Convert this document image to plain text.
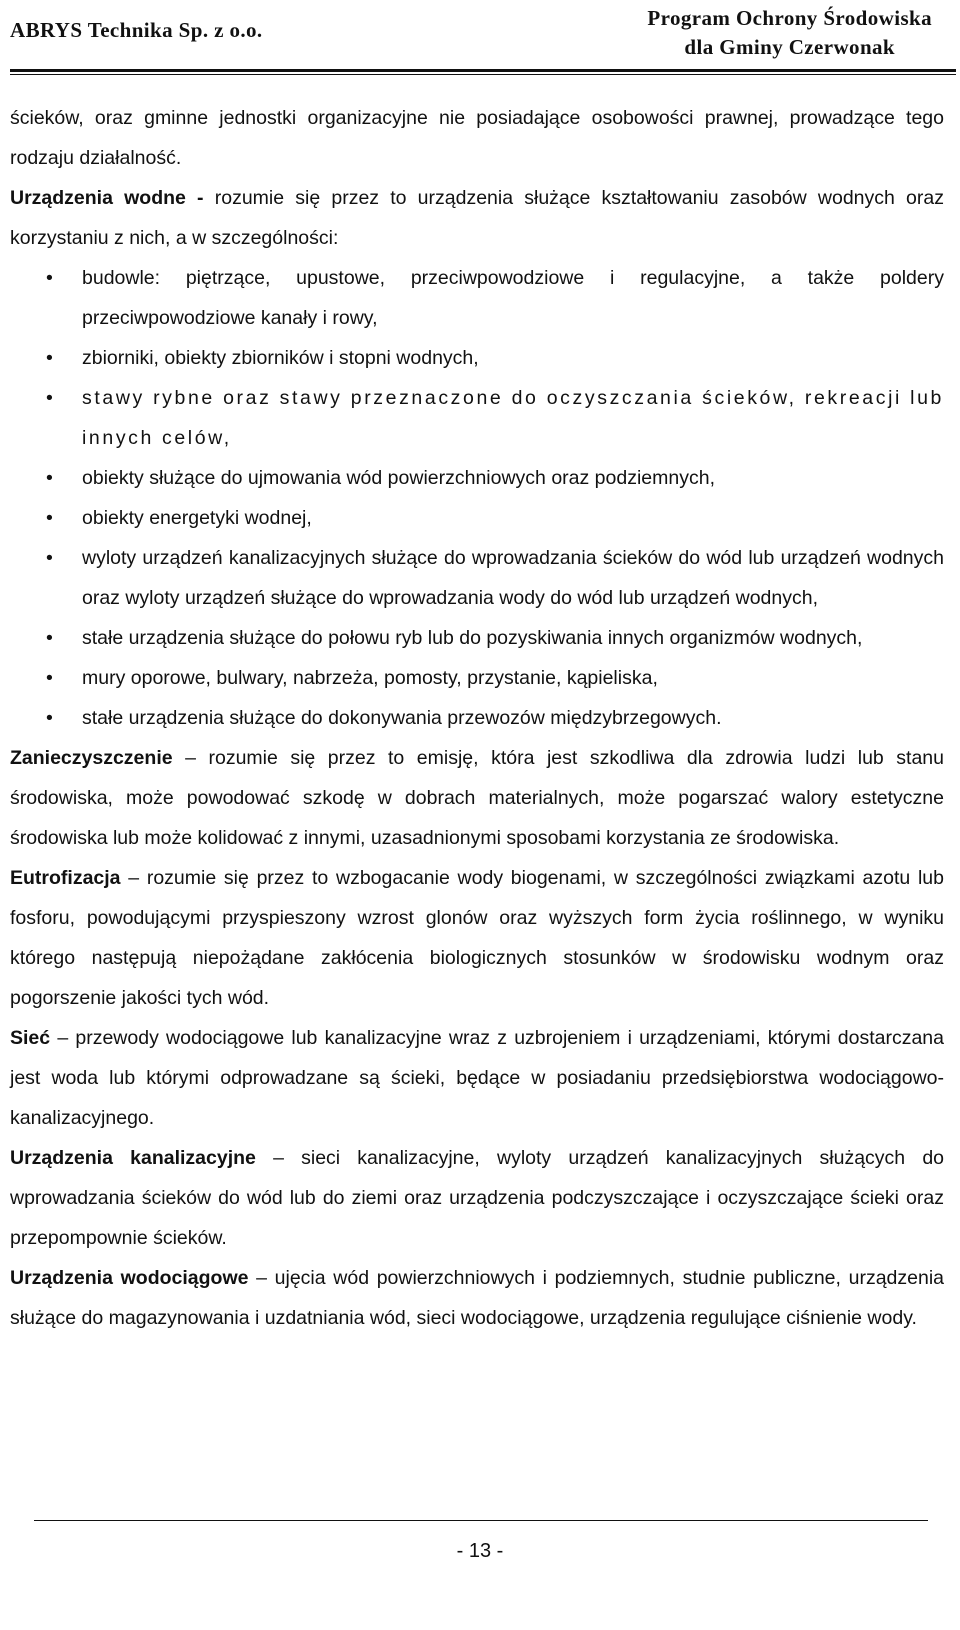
ABRYS Technika Sp. z o.o.	Program Ochrony Środowiska
dla Gminy Czerwonak

ścieków, oraz gminne jednostki organizacyjne nie posiadające osobowości prawnej, prowadzące tego rodzaju działalność.

Urządzenia wodne - rozumie się przez to urządzenia służące kształtowaniu zasobów wodnych oraz korzystaniu z nich, a w szczególności:

• budowle: piętrzące, upustowe, przeciwpowodziowe i regulacyjne, a także poldery przeciwpowodziowe kanały i rowy,
• zbiorniki, obiekty zbiorników i stopni wodnych,
• stawy rybne oraz stawy przeznaczone do oczyszczania ścieków, rekreacji lub innych celów,
• obiekty służące do ujmowania wód powierzchniowych oraz podziemnych,
• obiekty energetyki wodnej,
• wyloty urządzeń kanalizacyjnych służące do wprowadzania ścieków do wód lub urządzeń wodnych oraz wyloty urządzeń służące do wprowadzania wody do wód lub urządzeń wodnych,
• stałe urządzenia służące do połowu ryb lub do pozyskiwania innych organizmów wodnych,
• mury oporowe, bulwary, nabrzeża, pomosty, przystanie, kąpieliska,
• stałe urządzenia służące do dokonywania przewozów międzybrzegowych.

Zanieczyszczenie – rozumie się przez to emisję, która jest szkodliwa dla zdrowia ludzi lub stanu środowiska, może powodować szkodę w dobrach materialnych, może pogarszać walory estetyczne środowiska lub może kolidować z innymi, uzasadnionymi sposobami korzystania ze środowiska.

Eutrofizacja – rozumie się przez to wzbogacanie wody biogenami, w szczególności związkami azotu lub fosforu, powodującymi przyspieszony wzrost glonów oraz wyższych form życia roślinnego, w wyniku którego następują niepożądane zakłócenia biologicznych stosunków w środowisku wodnym oraz pogorszenie jakości tych wód.

Sieć – przewody wodociągowe lub kanalizacyjne wraz z uzbrojeniem i urządzeniami, którymi dostarczana jest woda lub którymi odprowadzane są ścieki, będące w posiadaniu przedsiębiorstwa wodociągowo-kanalizacyjnego.

Urządzenia kanalizacyjne – sieci kanalizacyjne, wyloty urządzeń kanalizacyjnych służących do wprowadzania ścieków do wód lub do ziemi oraz urządzenia podczyszczające i oczyszczające ścieki oraz przepompownie ścieków.

Urządzenia wodociągowe – ujęcia wód powierzchniowych i podziemnych, studnie publiczne, urządzenia służące do magazynowania i uzdatniania wód, sieci wodociągowe, urządzenia regulujące ciśnienie wody.

- 13 -
